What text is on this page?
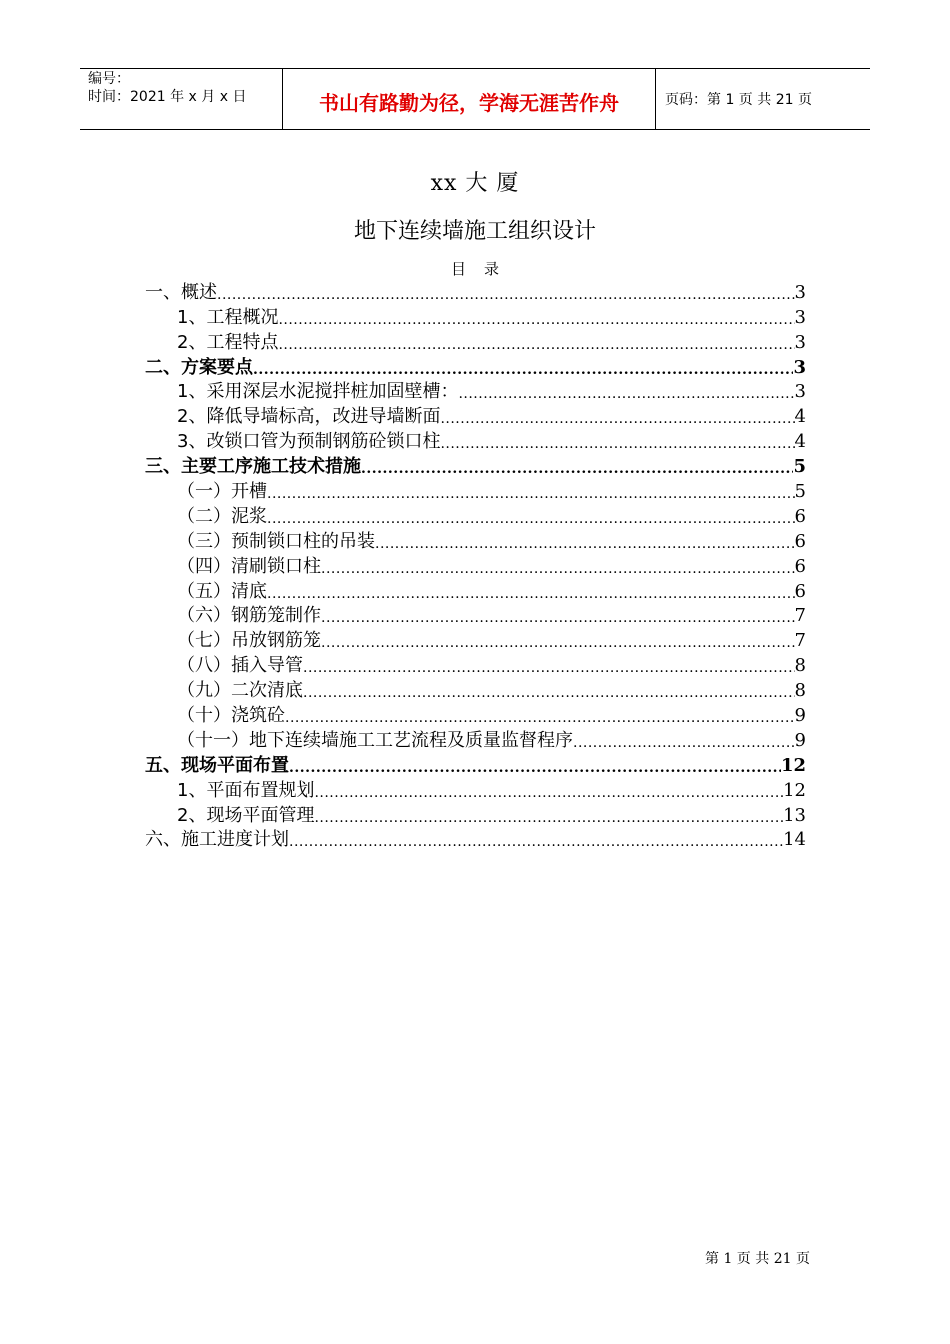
编号：
时间：2021 年 x 月 x 日	书山有路勤为径，学海无涯苦作舟	页码：第 1 页 共 21 页
xx 大 厦
地下连续墙施工组织设计
目录
一、概述 .....	3
1、工程概况 .....	3
2、工程特点 .....	3
二、方案要点 .....	3
1、采用深层水泥搅拌桩加固壁槽： .....	3
2、降低导墙标高，改进导墙断面 .....	4
3、改锁口管为预制钢筋砼锁口柱 .....	4
三、主要工序施工技术措施 .....	5
（一）开槽 .....	5
（二）泥浆 .....	6
（三）预制锁口柱的吊装 .....	6
（四）清刷锁口柱 .....	6
（五）清底 .....	6
（六）钢筋笼制作 .....	7
（七）吊放钢筋笼 .....	7
（八）插入导管 .....	8
（九）二次清底 .....	8
（十）浇筑砼 .....	9
（十一）地下连续墙施工工艺流程及质量监督程序 .....	9
五、现场平面布置 .....	12
1、平面布置规划 .....	12
2、现场平面管理 .....	13
六、施工进度计划 .....	14
第 1 页 共 21 页
